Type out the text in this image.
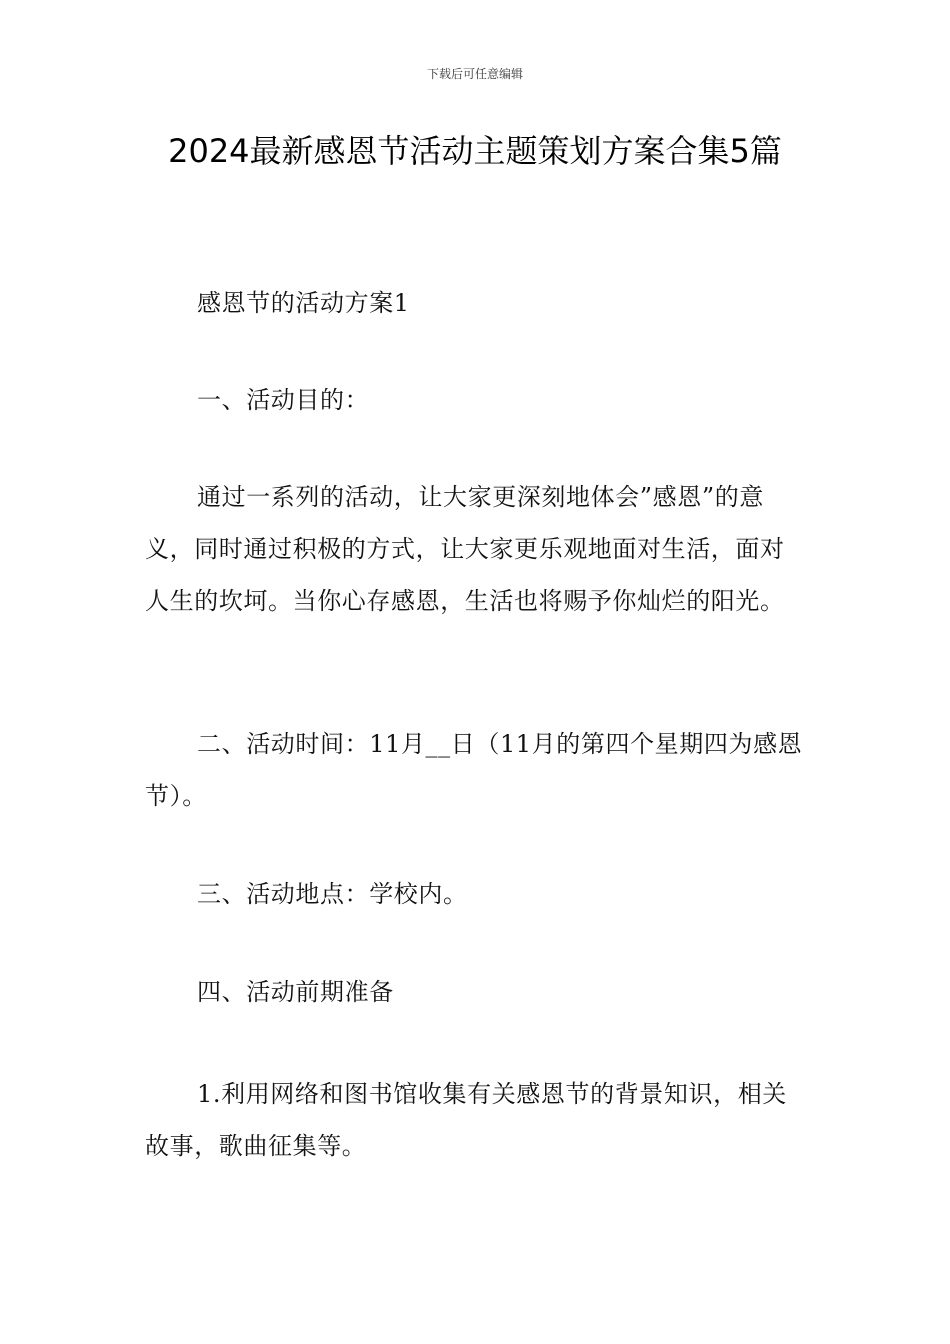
下载后可任意编辑
2024最新感恩节活动主题策划方案合集5篇

感恩节的活动方案1

一、活动目的：

通过一系列的活动，让大家更深刻地体会”感恩”的意义，同时通过积极的方式，让大家更乐观地面对生活，面对人生的坎坷。当你心存感恩，生活也将赐予你灿烂的阳光。

二、活动时间：11月__日（11月的第四个星期四为感恩节）。

三、活动地点：学校内。

四、活动前期准备

1.利用网络和图书馆收集有关感恩节的背景知识，相关故事，歌曲征集等。
